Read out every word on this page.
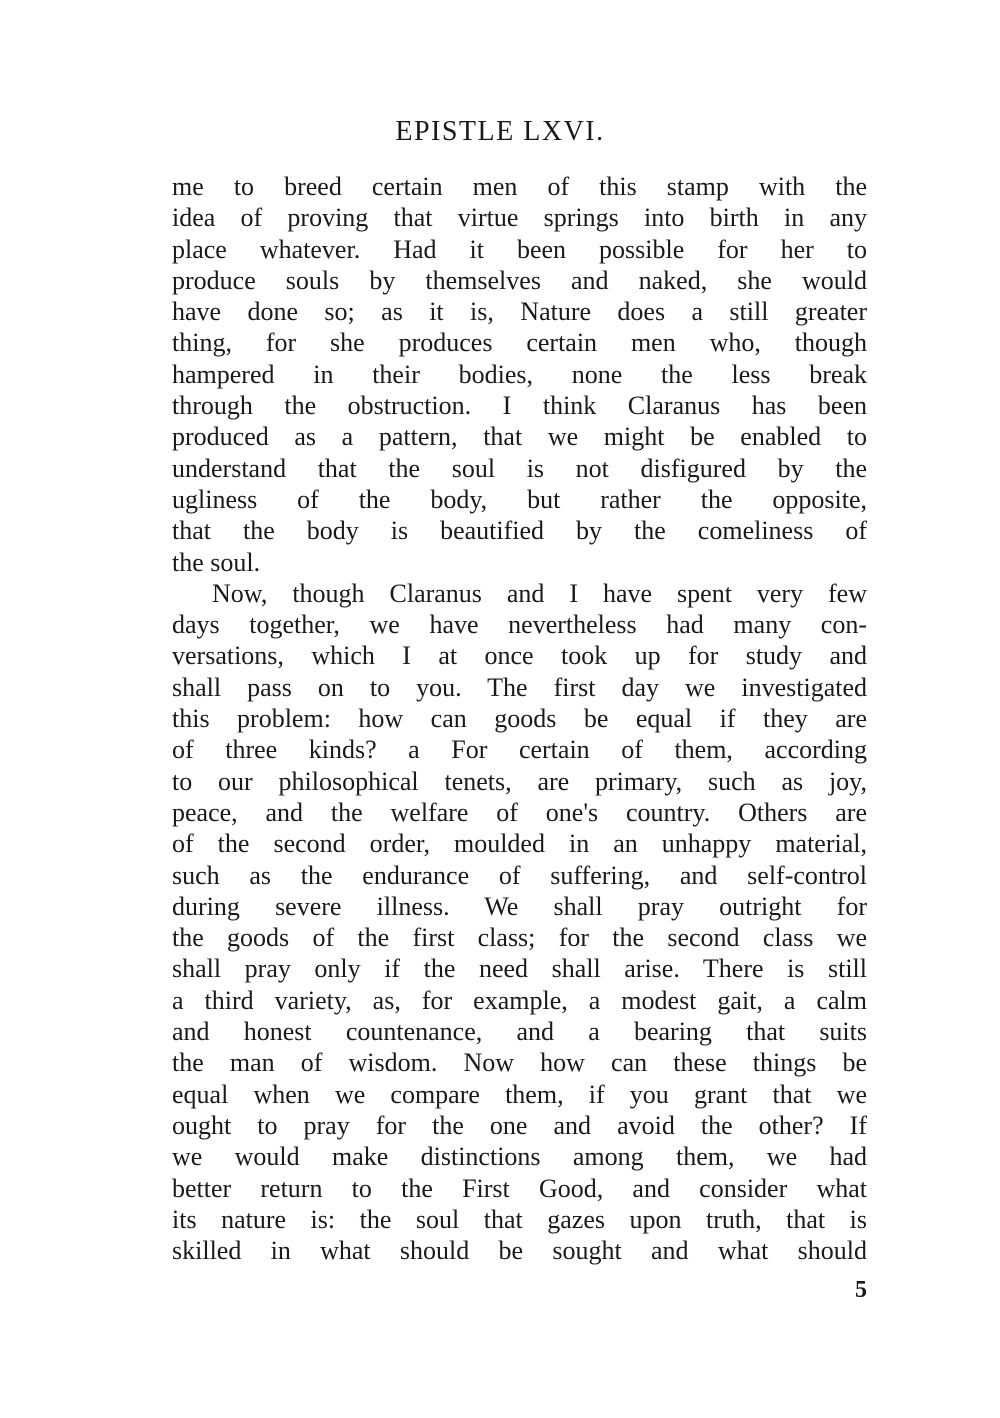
EPISTLE LXVI.
me to breed certain men of this stamp with the
idea of proving that virtue springs into birth in any
place whatever. Had it been possible for her to
produce souls by themselves and naked, she would
have done so; as it is, Nature does a still greater
thing, for she produces certain men who, though
hampered in their bodies, none the less break
through the obstruction. I think Claranus has been
produced as a pattern, that we might be enabled to
understand that the soul is not disfigured by the
ugliness of the body, but rather the opposite,
that the body is beautified by the comeliness of
the soul.
Now, though Claranus and I have spent very few
days together, we have nevertheless had many con-
versations, which I at once took up for study and
shall pass on to you. The first day we investigated
this problem: how can goods be equal if they are
of three kinds? a For certain of them, according
to our philosophical tenets, are primary, such as joy,
peace, and the welfare of one's country. Others are
of the second order, moulded in an unhappy material,
such as the endurance of suffering, and self-control
during severe illness. We shall pray outright for
the goods of the first class; for the second class we
shall pray only if the need shall arise. There is still
a third variety, as, for example, a modest gait, a calm
and honest countenance, and a bearing that suits
the man of wisdom. Now how can these things be
equal when we compare them, if you grant that we
ought to pray for the one and avoid the other? If
we would make distinctions among them, we had
better return to the First Good, and consider what
its nature is: the soul that gazes upon truth, that is
skilled in what should be sought and what should
5
